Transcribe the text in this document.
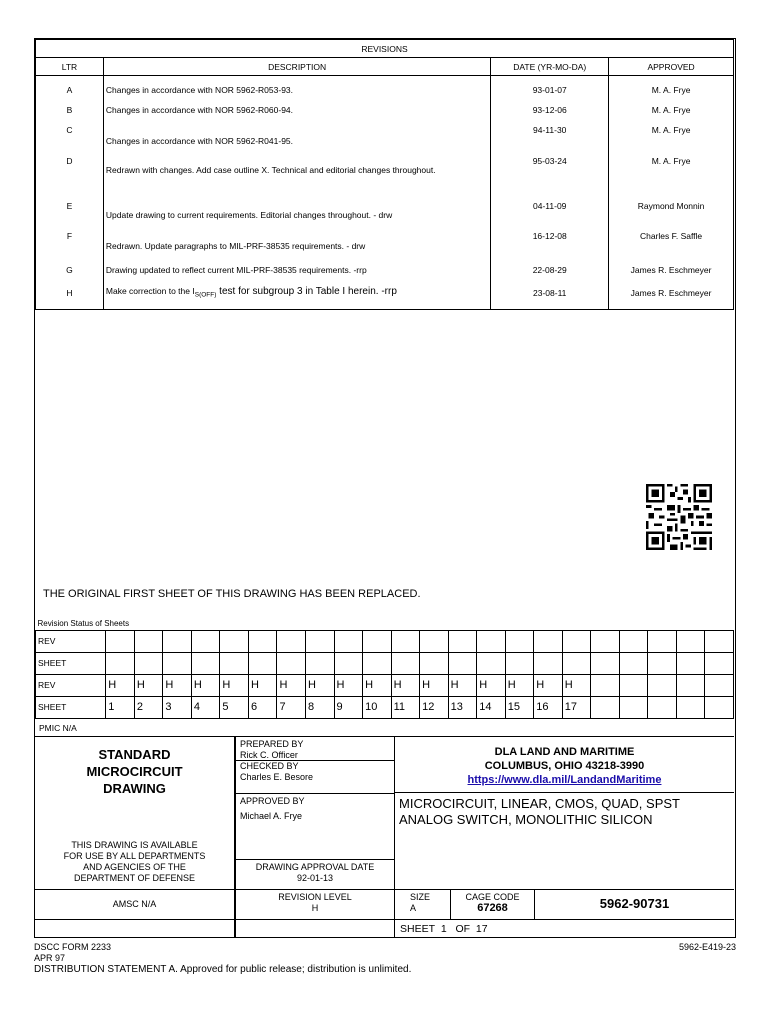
REVISIONS			
LTR	DESCRIPTION	DATE (YR-MO-DA)	APPROVED
A	Changes in accordance with NOR 5962-R053-93.	93-01-07	M. A. Frye
B	Changes in accordance with NOR 5962-R060-94.	93-12-06	M. A. Frye
C	Changes in accordance with NOR 5962-R041-95.	94-11-30	M. A. Frye
D	Redrawn with changes. Add case outline X. Technical and editorial changes throughout.	95-03-24	M. A. Frye
E	Update drawing to current requirements. Editorial changes throughout. - drw	04-11-09	Raymond Monnin
F	Redrawn. Update paragraphs to MIL-PRF-38535 requirements. - drw	16-12-08	Charles F. Saffle
G	Drawing updated to reflect current MIL-PRF-38535 requirements. -rrp	22-08-29	James R. Eschmeyer
H	Make correction to the $I_{S(OFF)}$ test for subgroup 3 in Table I herein. -rrp	23-08-11	James R. Eschmeyer

THE ORIGINAL FIRST SHEET OF THIS DRAWING HAS BEEN REPLACED.
Revision Status of Sheets																						
REV																						
SHEET																						
REV	H	H	H	H	H	H	H	H	H	H	H	H	H	H	H	H	H					
SHEET	1	2	3	4	5	6	7	8	9	10	11	12	13	14	15	16	17					
PMIC N/A
STANDARD
MICROCIRCUIT
DRAWING
THIS DRAWING IS AVAILABLE
FOR USE BY ALL DEPARTMENTS
AND AGENCIES OF THE
DEPARTMENT OF DEFENSE
AMSC N/A
PREPARED BY
Rick C. Officer
CHECKED BY
Charles E. Besore
APPROVED BY
Michael A. Frye
DRAWING APPROVAL DATE
92-01-13
DLA LAND AND MARITIME
COLUMBUS, OHIO 43218-3990
https://www.dla.mil/LandandMaritime
MICROCIRCUIT, LINEAR, CMOS, QUAD, SPST
ANALOG SWITCH, MONOLITHIC SILICON
REVISION LEVEL
H
SIZE
A
CAGE CODE
67268	5962-90731
SHEET 1 OF 17
DSCC FORM 2233
APR 97
DISTRIBUTION STATEMENT A. Approved for public release; distribution is unlimited.
5962-E419-23
